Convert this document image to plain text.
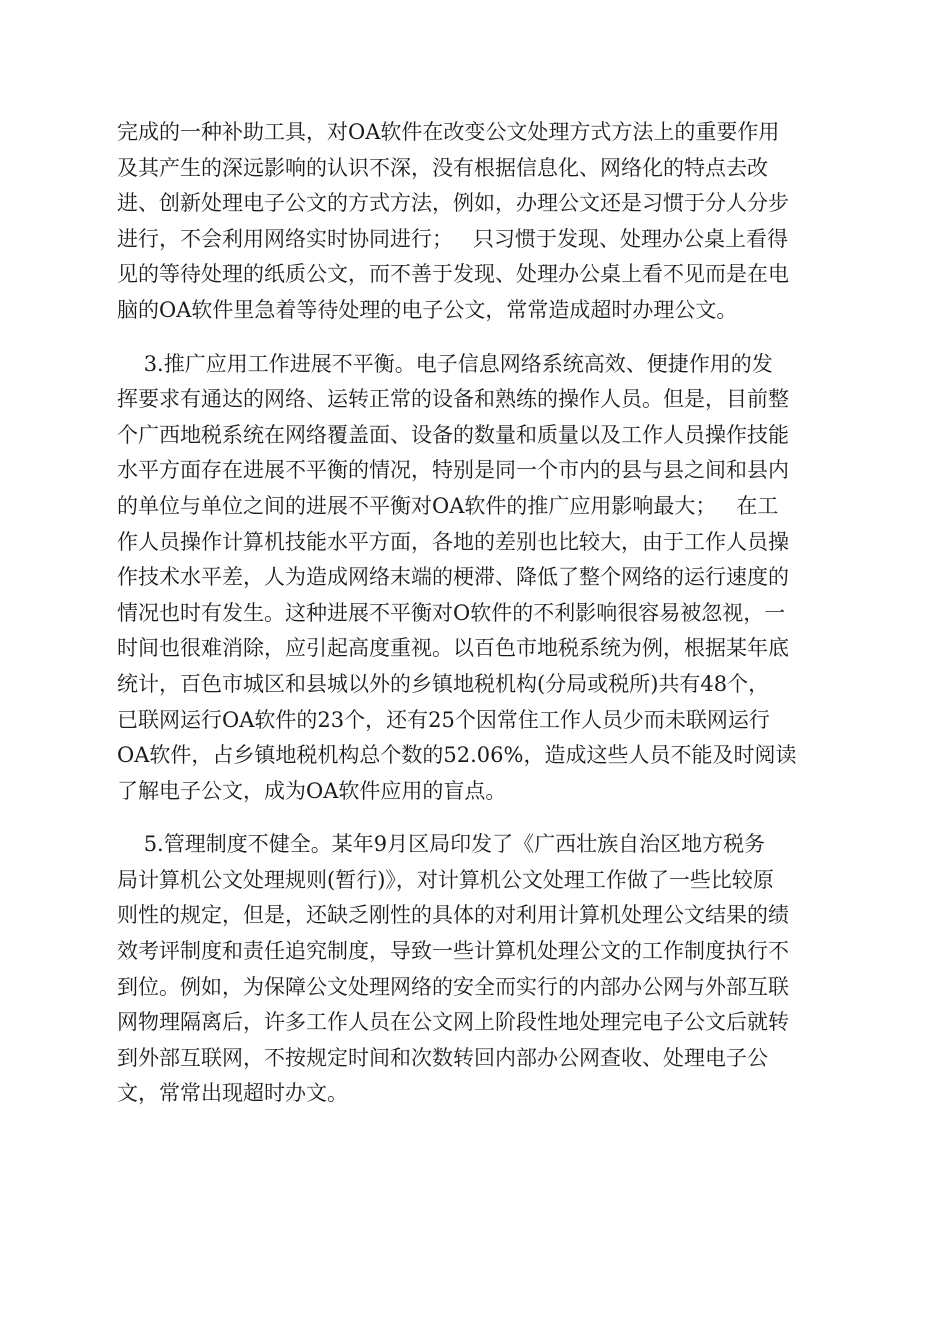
完成的一种补助工具，对OA软件在改变公文处理方式方法上的重要作用
及其产生的深远影响的认识不深，没有根据信息化、网络化的特点去改
进、创新处理电子公文的方式方法，例如，办理公文还是习惯于分人分步
进行，不会利用网络实时协同进行；   只习惯于发现、处理办公桌上看得
见的等待处理的纸质公文，而不善于发现、处理办公桌上看不见而是在电
脑的OA软件里急着等待处理的电子公文，常常造成超时办理公文。
3.推广应用工作进展不平衡。电子信息网络系统高效、便捷作用的发
挥要求有通达的网络、运转正常的设备和熟练的操作人员。但是，目前整
个广西地税系统在网络覆盖面、设备的数量和质量以及工作人员操作技能
水平方面存在进展不平衡的情况，特别是同一个市内的县与县之间和县内
的单位与单位之间的进展不平衡对OA软件的推广应用影响最大；   在工
作人员操作计算机技能水平方面，各地的差别也比较大，由于工作人员操
作技术水平差，人为造成网络末端的梗滞、降低了整个网络的运行速度的
情况也时有发生。这种进展不平衡对O软件的不利影响很容易被忽视，一
时间也很难消除，应引起高度重视。以百色市地税系统为例，根据某年底
统计，百色市城区和县城以外的乡镇地税机构(分局或税所)共有48个，
已联网运行OA软件的23个，还有25个因常住工作人员少而未联网运行
OA软件，占乡镇地税机构总个数的52.06%，造成这些人员不能及时阅读
了解电子公文，成为OA软件应用的盲点。
5.管理制度不健全。某年9月区局印发了《广西壮族自治区地方税务
局计算机公文处理规则(暂行)》，对计算机公文处理工作做了一些比较原
则性的规定，但是，还缺乏刚性的具体的对利用计算机处理公文结果的绩
效考评制度和责任追究制度，导致一些计算机处理公文的工作制度执行不
到位。例如，为保障公文处理网络的安全而实行的内部办公网与外部互联
网物理隔离后，许多工作人员在公文网上阶段性地处理完电子公文后就转
到外部互联网，不按规定时间和次数转回内部办公网查收、处理电子公
文，常常出现超时办文。
